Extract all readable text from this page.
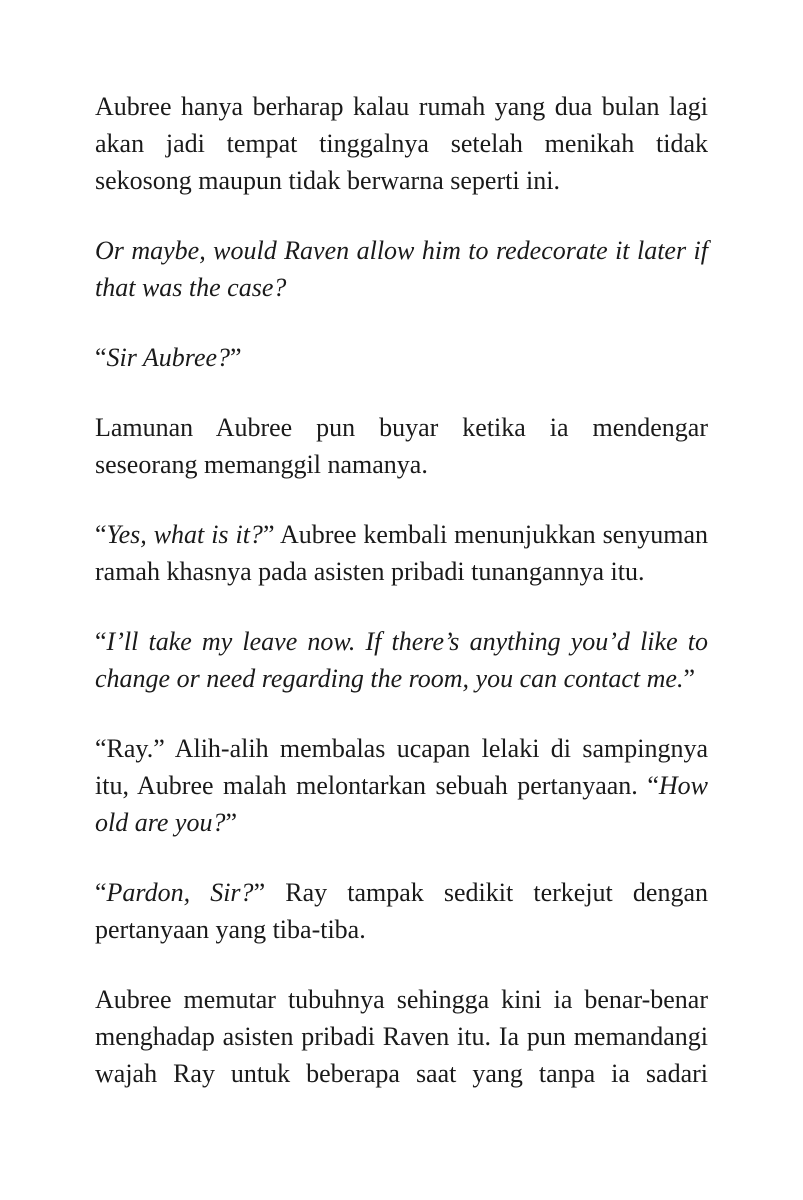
Aubree hanya berharap kalau rumah yang dua bulan lagi akan jadi tempat tinggalnya setelah menikah tidak sekosong maupun tidak berwarna seperti ini.

Or maybe, would Raven allow him to redecorate it later if that was the case?

“Sir Aubree?”

Lamunan Aubree pun buyar ketika ia mendengar seseorang memanggil namanya.

“Yes, what is it?” Aubree kembali menunjukkan senyuman ramah khasnya pada asisten pribadi tunangannya itu.

“I’ll take my leave now. If there’s anything you’d like to change or need regarding the room, you can contact me.”

“Ray.” Alih-alih membalas ucapan lelaki di sampingnya itu, Aubree malah melontarkan sebuah pertanyaan. “How old are you?”

“Pardon, Sir?” Ray tampak sedikit terkejut dengan pertanyaan yang tiba-tiba.

Aubree memutar tubuhnya sehingga kini ia benar-benar menghadap asisten pribadi Raven itu. Ia pun memandangi wajah Ray untuk beberapa saat yang tanpa ia sadari
